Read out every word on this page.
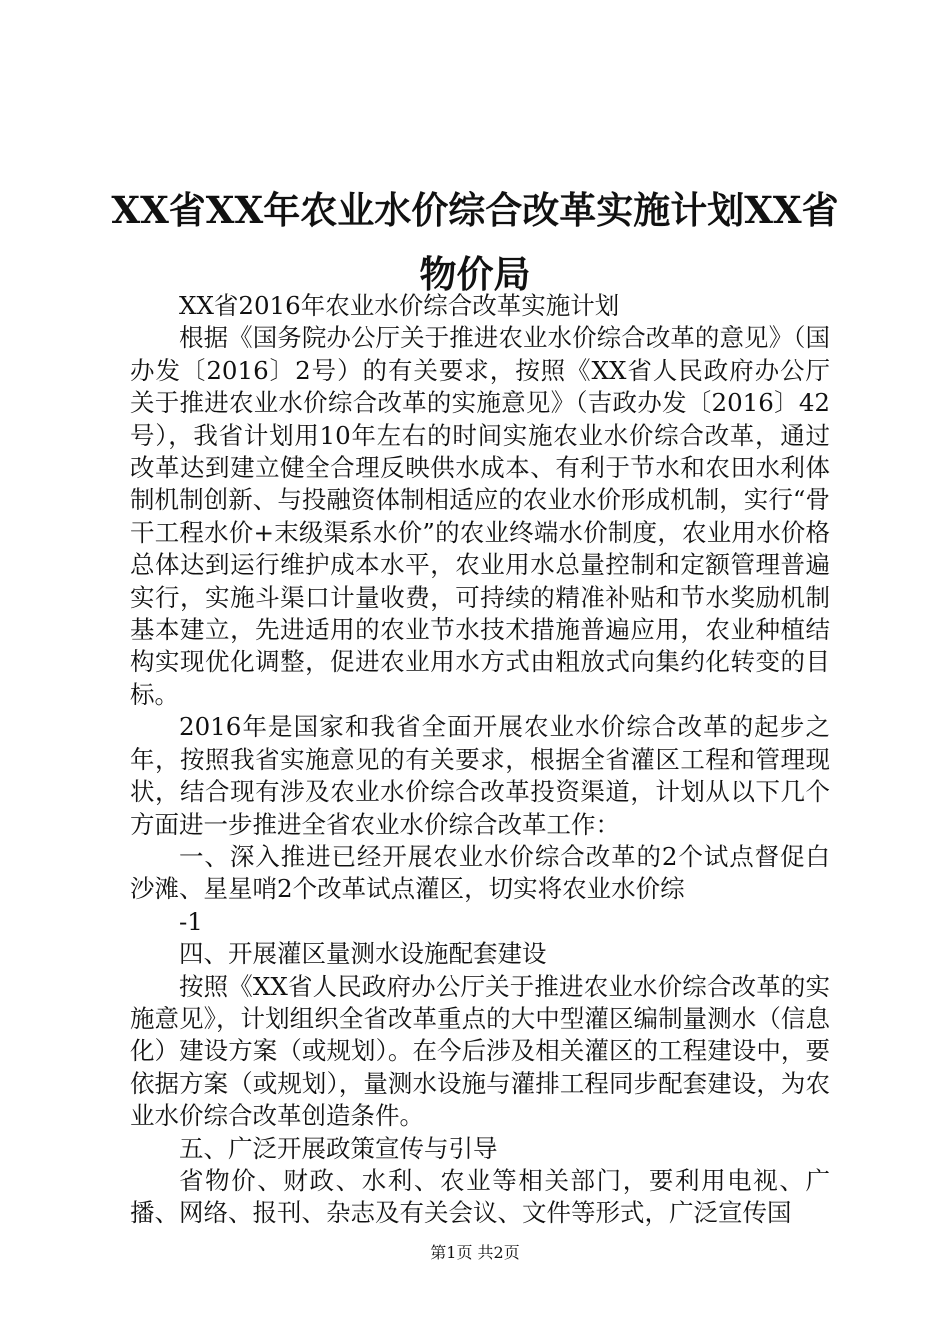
XX省XX年农业水价综合改革实施计划XX省物价局

XX省2016年农业水价综合改革实施计划

根据《国务院办公厅关于推进农业水价综合改革的意见》（国办发〔2016〕2号）的有关要求，按照《XX省人民政府办公厅关于推进农业水价综合改革的实施意见》（吉政办发〔2016〕42号），我省计划用10年左右的时间实施农业水价综合改革，通过改革达到建立健全合理反映供水成本、有利于节水和农田水利体制机制创新、与投融资体制相适应的农业水价形成机制，实行“骨干工程水价+末级渠系水价”的农业终端水价制度，农业用水价格总体达到运行维护成本水平，农业用水总量控制和定额管理普遍实行，实施斗渠口计量收费，可持续的精准补贴和节水奖励机制基本建立，先进适用的农业节水技术措施普遍应用，农业种植结构实现优化调整，促进农业用水方式由粗放式向集约化转变的目标。

2016年是国家和我省全面开展农业水价综合改革的起步之年，按照我省实施意见的有关要求，根据全省灌区工程和管理现状，结合现有涉及农业水价综合改革投资渠道，计划从以下几个方面进一步推进全省农业水价综合改革工作：

一、深入推进已经开展农业水价综合改革的2个试点督促白沙滩、星星哨2个改革试点灌区，切实将农业水价综

-1

四、开展灌区量测水设施配套建设

按照《XX省人民政府办公厅关于推进农业水价综合改革的实施意见》，计划组织全省改革重点的大中型灌区编制量测水（信息化）建设方案（或规划）。在今后涉及相关灌区的工程建设中，要依据方案（或规划），量测水设施与灌排工程同步配套建设，为农业水价综合改革创造条件。

五、广泛开展政策宣传与引导

省物价、财政、水利、农业等相关部门，要利用电视、广播、网络、报刊、杂志及有关会议、文件等形式，广泛宣传国

第1页 共2页
